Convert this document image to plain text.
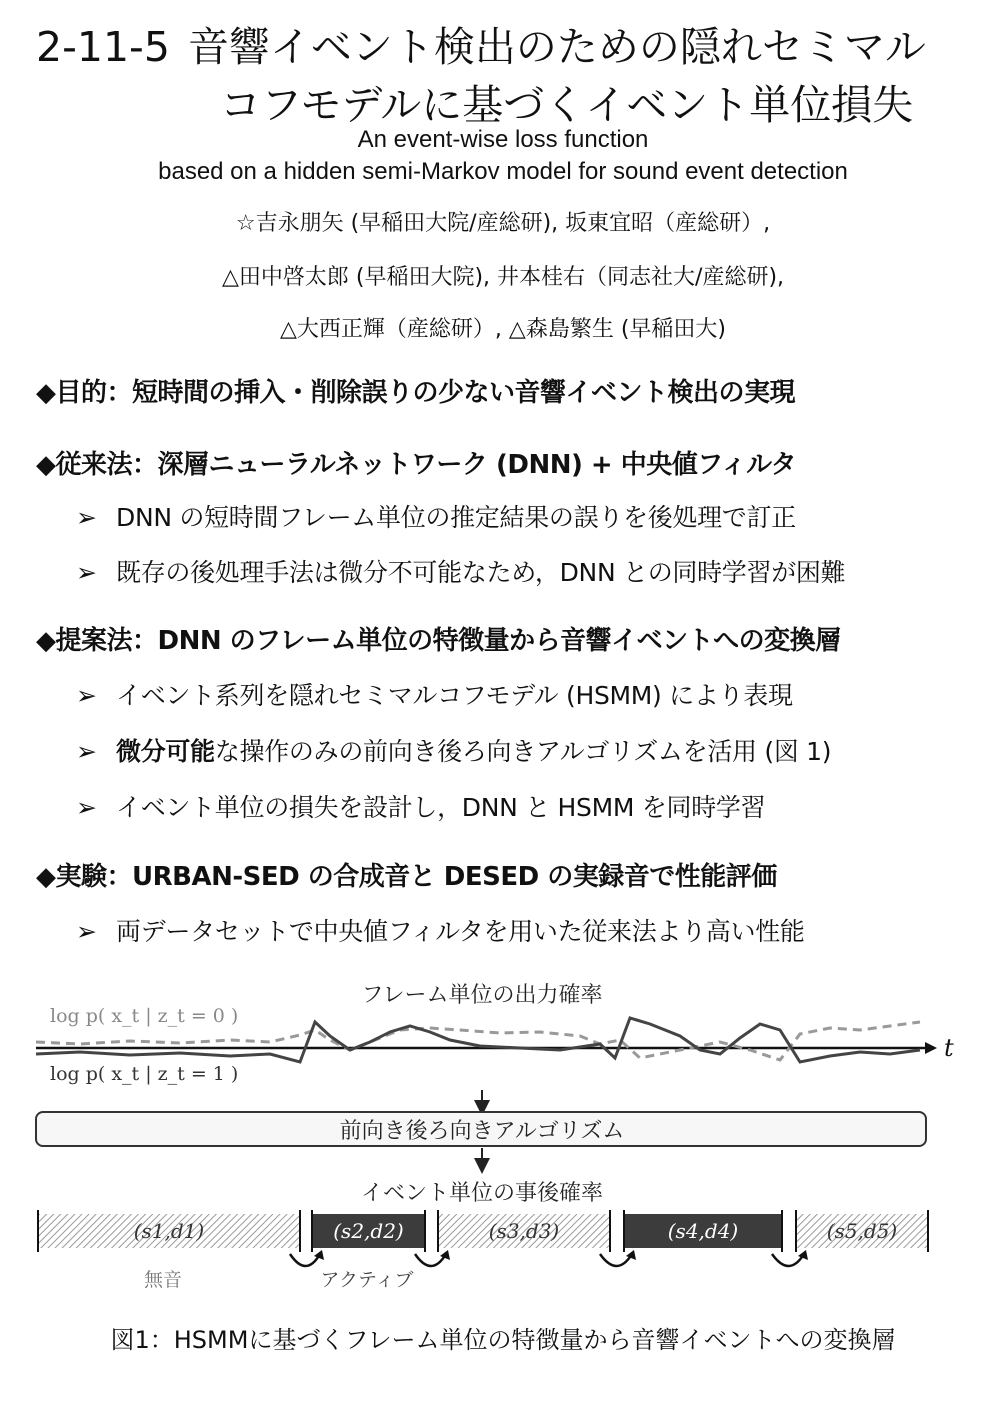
2-11-5 音響イベント検出のための隠れセミマル
コフモデルに基づくイベント単位損失
An event-wise loss function
based on a hidden semi-Markov model for sound event detection
☆吉永朋矢 (早稲田大院/産総研), 坂東宜昭（産総研）,
△田中啓太郎 (早稲田大院), 井本桂右（同志社大/産総研),
△大西正輝（産総研）, △森島繁生 (早稲田大)
◆目的：短時間の挿入・削除誤りの少ない音響イベント検出の実現
◆従来法：深層ニューラルネットワーク (DNN) + 中央値フィルタ
➢ DNN の短時間フレーム単位の推定結果の誤りを後処理で訂正
➢ 既存の後処理手法は微分不可能なため，DNN との同時学習が困難
◆提案法：DNN のフレーム単位の特徴量から音響イベントへの変換層
➢ イベント系列を隠れセミマルコフモデル (HSMM) により表現
➢ 微分可能な操作のみの前向き後ろ向きアルゴリズムを活用 (図 1)
➢ イベント単位の損失を設計し，DNN と HSMM を同時学習
◆実験：URBAN-SED の合成音と DESED の実録音で性能評価
➢ 両データセットで中央値フィルタを用いた従来法より高い性能
フレーム単位の出力確率
log p( x_t | z_t = 0 )
log p( x_t | z_t = 1 )
t
前向き後ろ向きアルゴリズム
イベント単位の事後確率
(s1,d1)	(s2,d2)	(s3,d3)	(s4,d4)	(s5,d5)
無音	アクティブ
図1：HSMMに基づくフレーム単位の特徴量から音響イベントへの変換層
